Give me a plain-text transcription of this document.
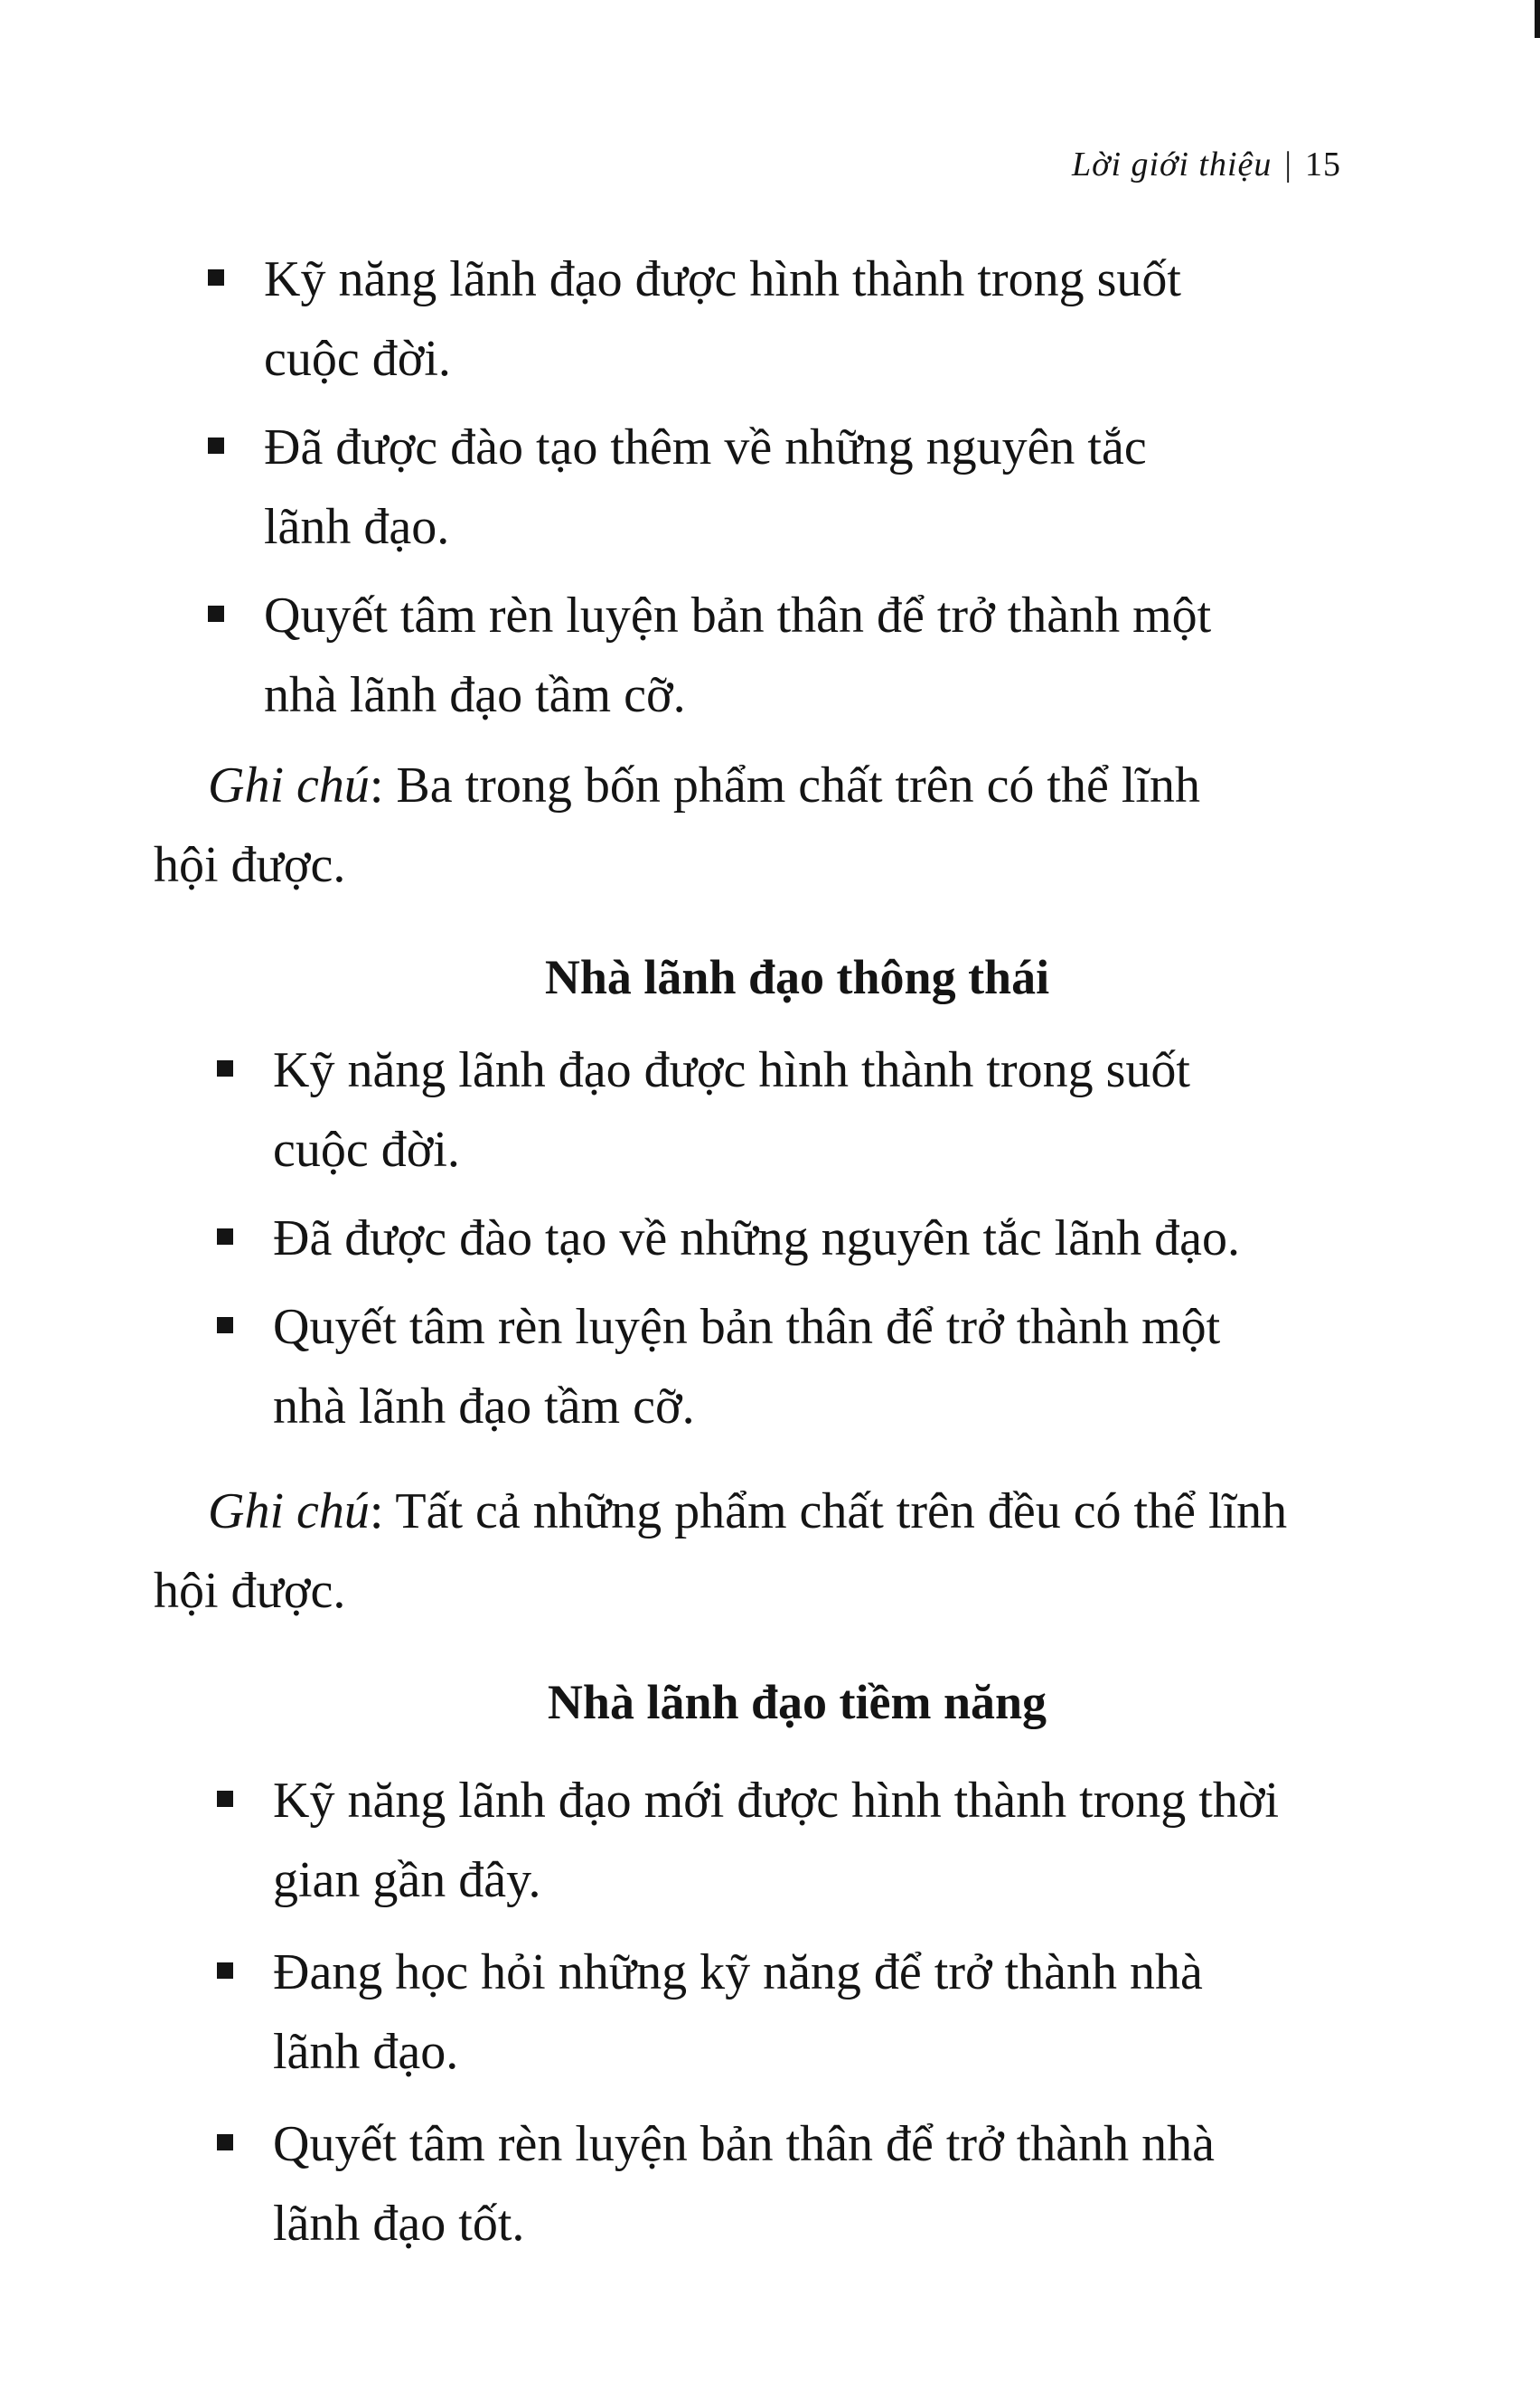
Lời giới thiệu | 15
Kỹ năng lãnh đạo được hình thành trong suốt
cuộc đời.
Đã được đào tạo thêm về những nguyên tắc
lãnh đạo.
Quyết tâm rèn luyện bản thân để trở thành một
nhà lãnh đạo tầm cỡ.
Ghi chú: Ba trong bốn phẩm chất trên có thể lĩnh
hội được.
Nhà lãnh đạo thông thái
Kỹ năng lãnh đạo được hình thành trong suốt
cuộc đời.
Đã được đào tạo về những nguyên tắc lãnh đạo.
Quyết tâm rèn luyện bản thân để trở thành một
nhà lãnh đạo tầm cỡ.
Ghi chú: Tất cả những phẩm chất trên đều có thể lĩnh
hội được.
Nhà lãnh đạo tiềm năng
Kỹ năng lãnh đạo mới được hình thành trong thời
gian gần đây.
Đang học hỏi những kỹ năng để trở thành nhà
lãnh đạo.
Quyết tâm rèn luyện bản thân để trở thành nhà
lãnh đạo tốt.
